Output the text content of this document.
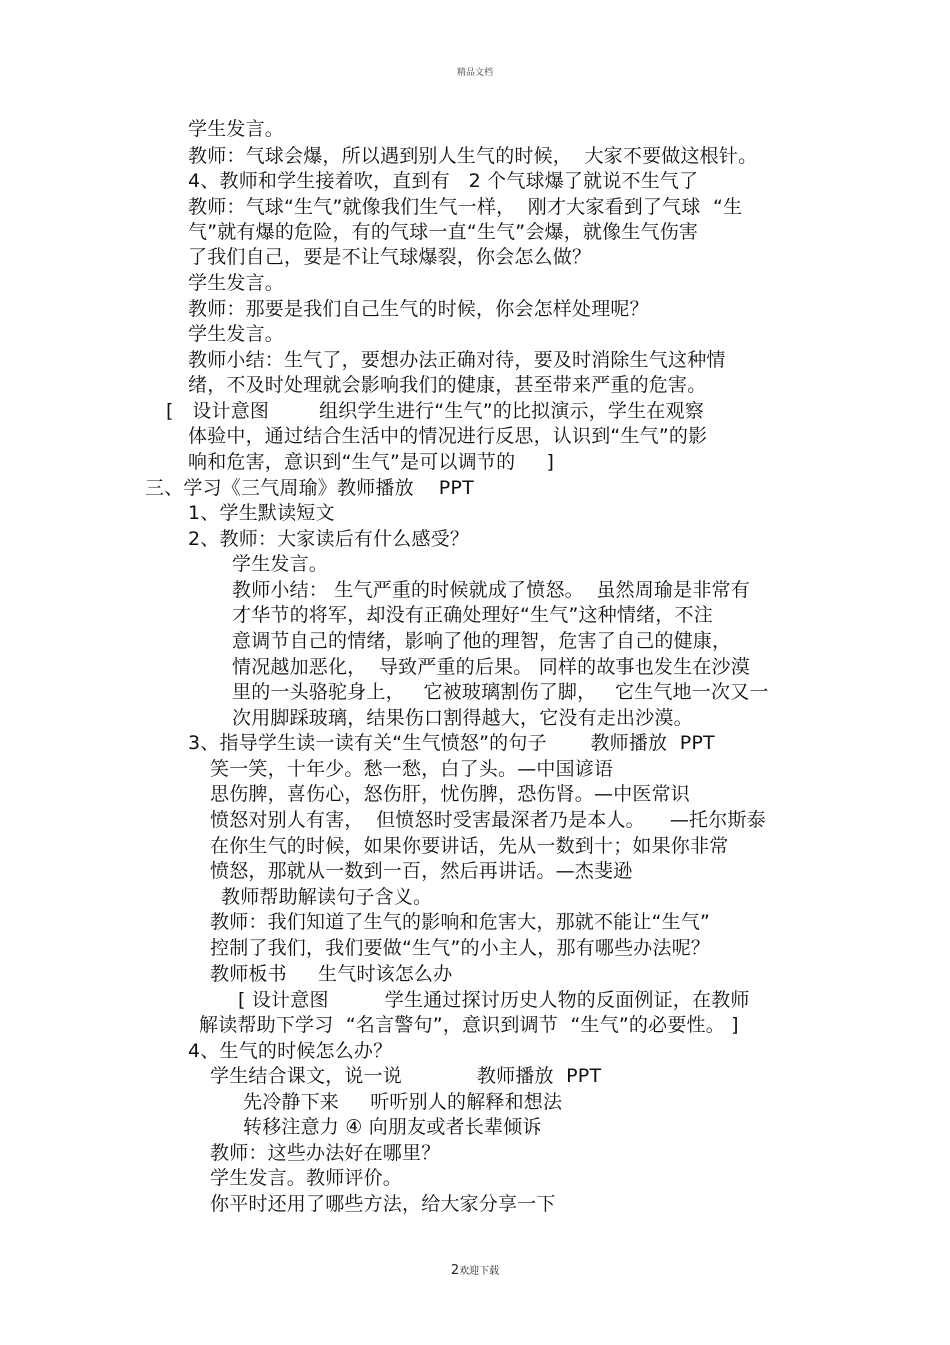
精品文档
学生发言。
教师：气球会爆，所以遇到别人生气的时候，  大家不要做这根针。
4、教师和学生接着吹，直到有   2 个气球爆了就说不生气了
教师：气球“生气”就像我们生气一样，  刚才大家看到了气球  “生
气”就有爆的危险，有的气球一直“生气”会爆，就像生气伤害
了我们自己，要是不让气球爆裂，你会怎么做？
学生发言。
教师：那要是我们自己生气的时候，你会怎样处理呢？
学生发言。
教师小结：生气了，要想办法正确对待，要及时消除生气这种情
绪，不及时处理就会影响我们的健康，甚至带来严重的危害。
[   设计意图        组织学生进行“生气”的比拟演示，学生在观察
体验中，通过结合生活中的情况进行反思，认识到“生气”的影
响和危害，意识到“生气”是可以调节的     ]
三、学习《三气周瑜》教师播放    PPT
1、学生默读短文
2、教师：大家读后有什么感受？
学生发言。
教师小结： 生气严重的时候就成了愤怒。  虽然周瑜是非常有
才华节的将军，却没有正确处理好“生气”这种情绪，不注
意调节自己的情绪，影响了他的理智，危害了自己的健康，
情况越加恶化，  导致严重的后果。 同样的故事也发生在沙漠
里的一头骆驼身上，   它被玻璃割伤了脚，   它生气地一次又一
次用脚踩玻璃，结果伤口割得越大，它没有走出沙漠。
3、指导学生读一读有关“生气愤怒”的句子       教师播放  PPT
笑一笑，十年少。愁一愁，白了头。—中国谚语
思伤脾，喜伤心，怒伤肝，忧伤脾，恐伤肾。—中医常识
愤怒对别人有害，  但愤怒时受害最深者乃是本人。    —托尔斯泰
在你生气的时候，如果你要讲话，先从一数到十；如果你非常
愤怒，那就从一数到一百，然后再讲话。—杰斐逊
教师帮助解读句子含义。
教师：我们知道了生气的影响和危害大，那就不能让“生气”
控制了我们，我们要做“生气”的小主人，那有哪些办法呢？
教师板书     生气时该怎么办
[ 设计意图         学生通过探讨历史人物的反面例证，在教师
解读帮助下学习  “名言警句”，意识到调节  “生气”的必要性。 ]
4、生气的时候怎么办？
学生结合课文，说一说            教师播放  PPT
先冷静下来     听听别人的解释和想法
转移注意力 ④ 向朋友或者长辈倾诉
教师：这些办法好在哪里？
学生发言。教师评价。
你平时还用了哪些方法，给大家分享一下
2欢迎下载
